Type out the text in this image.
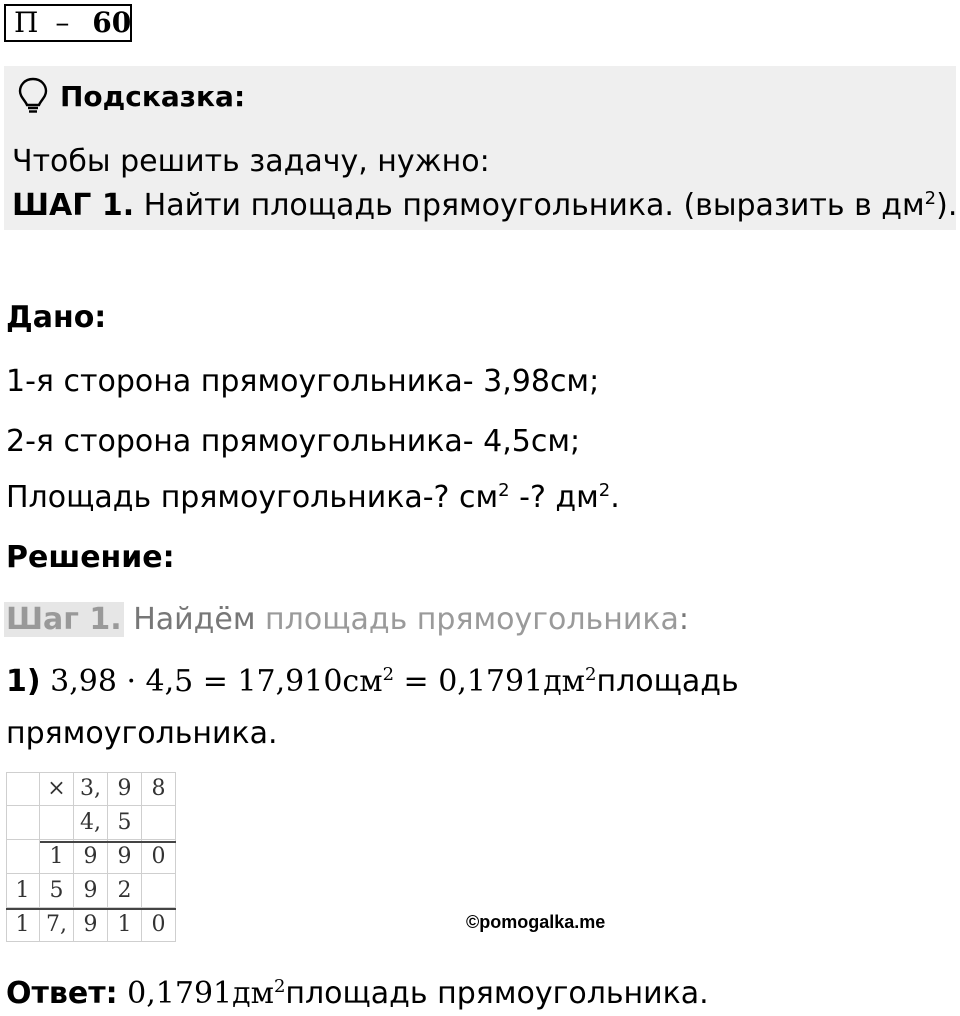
П – 60
Подсказка:
Чтобы решить задачу, нужно:
ШАГ 1. Найти площадь прямоугольника. (выразить в $дм^2$).
Дано:
1-я сторона прямоугольника- 3,98см;
2-я сторона прямоугольника- 4,5см;
Площадь прямоугольника-? $см^2$ -? $дм^2$.
Решение:
Шаг 1. Найдём площадь прямоугольника:
1) $3,98 \cdot 4,5 = 17,910см^2$ = $0,1791дм^2площадь$
прямоугольника.
× 3, 9 8
4, 5
1 9 9 0
1 5 9 2
1 7, 9 1 0	©pomogalka.me
Ответ: $0,1791дм^2площадь$ прямоугольника.
